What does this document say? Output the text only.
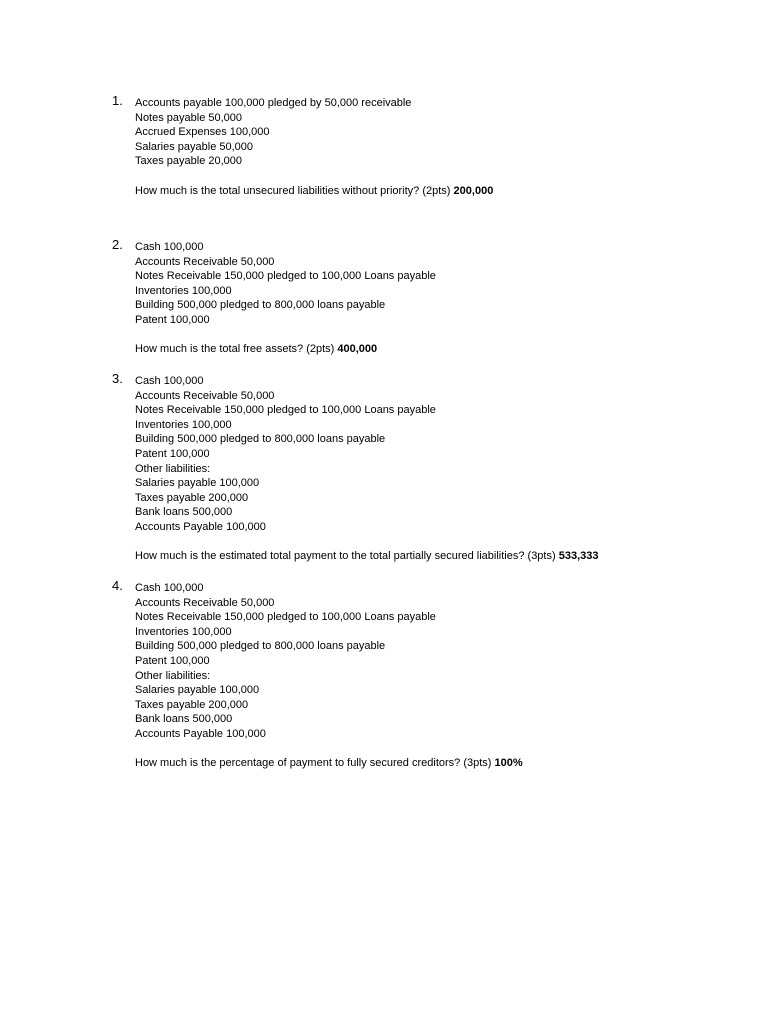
1. Accounts payable 100,000 pledged by 50,000 receivable
Notes payable 50,000
Accrued Expenses 100,000
Salaries payable 50,000
Taxes payable 20,000
How much is the total unsecured liabilities without priority? (2pts) 200,000
2. Cash 100,000
Accounts Receivable 50,000
Notes Receivable 150,000 pledged to 100,000 Loans payable
Inventories 100,000
Building 500,000 pledged to 800,000 loans payable
Patent 100,000
How much is the total free assets? (2pts) 400,000
3. Cash 100,000
Accounts Receivable 50,000
Notes Receivable 150,000 pledged to 100,000 Loans payable
Inventories 100,000
Building 500,000 pledged to 800,000 loans payable
Patent 100,000
Other liabilities:
Salaries payable 100,000
Taxes payable 200,000
Bank loans 500,000
Accounts Payable 100,000
How much is the estimated total payment to the total partially secured liabilities? (3pts) 533,333
4. Cash 100,000
Accounts Receivable 50,000
Notes Receivable 150,000 pledged to 100,000 Loans payable
Inventories 100,000
Building 500,000 pledged to 800,000 loans payable
Patent 100,000
Other liabilities:
Salaries payable 100,000
Taxes payable 200,000
Bank loans 500,000
Accounts Payable 100,000
How much is the percentage of payment to fully secured creditors? (3pts) 100%
